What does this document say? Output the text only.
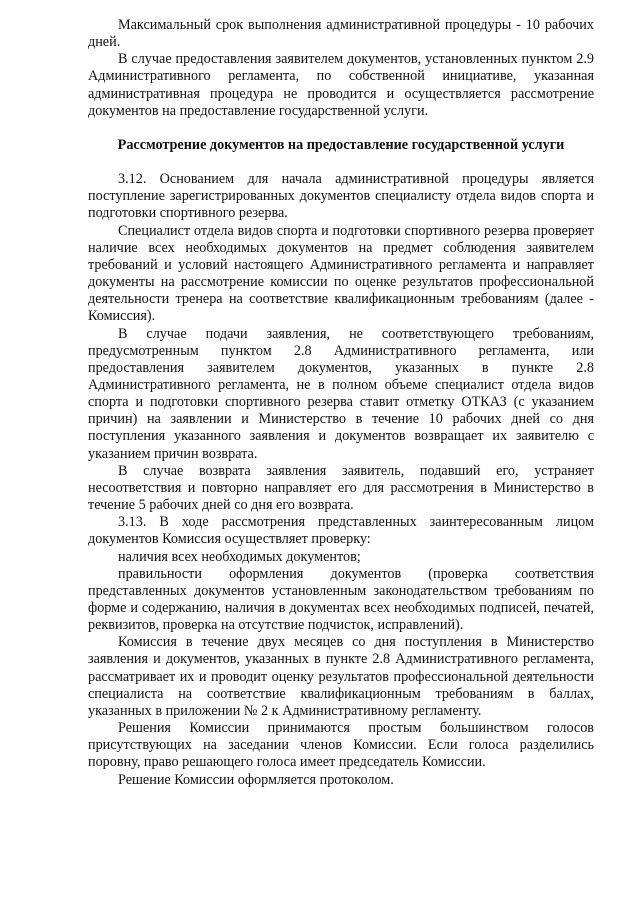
Максимальный срок выполнения административной процедуры - 10 рабочих дней.

В случае предоставления заявителем документов, установленных пунктом 2.9 Административного регламента, по собственной инициативе, указанная административная процедура не проводится и осуществляется рассмотрение документов на предоставление государственной услуги.

Рассмотрение документов на предоставление государственной услуги

3.12. Основанием для начала административной процедуры является поступление зарегистрированных документов специалисту отдела видов спорта и подготовки спортивного резерва.

Специалист отдела видов спорта и подготовки спортивного резерва проверяет наличие всех необходимых документов на предмет соблюдения заявителем требований и условий настоящего Административного регламента и направляет документы на рассмотрение комиссии по оценке результатов профессиональной деятельности тренера на соответствие квалификационным требованиям (далее - Комиссия).

В случае подачи заявления, не соответствующего требованиям, предусмотренным пунктом 2.8 Административного регламента, или предоставления заявителем документов, указанных в пункте 2.8 Административного регламента, не в полном объеме специалист отдела видов спорта и подготовки спортивного резерва ставит отметку ОТКАЗ (с указанием причин) на заявлении и Министерство в течение 10 рабочих дней со дня поступления указанного заявления и документов возвращает их заявителю с указанием причин возврата.

В случае возврата заявления заявитель, подавший его, устраняет несоответствия и повторно направляет его для рассмотрения в Министерство в течение 5 рабочих дней со дня его возврата.

3.13. В ходе рассмотрения представленных заинтересованным лицом документов Комиссия осуществляет проверку:

наличия всех необходимых документов;

правильности оформления документов (проверка соответствия представленных документов установленным законодательством требованиям по форме и содержанию, наличия в документах всех необходимых подписей, печатей, реквизитов, проверка на отсутствие подчисток, исправлений).

Комиссия в течение двух месяцев со дня поступления в Министерство заявления и документов, указанных в пункте 2.8 Административного регламента, рассматривает их и проводит оценку результатов профессиональной деятельности специалиста на соответствие квалификационным требованиям в баллах, указанных в приложении № 2 к Административному регламенту.

Решения Комиссии принимаются простым большинством голосов присутствующих на заседании членов Комиссии. Если голоса разделились поровну, право решающего голоса имеет председатель Комиссии.

Решение Комиссии оформляется протоколом.
